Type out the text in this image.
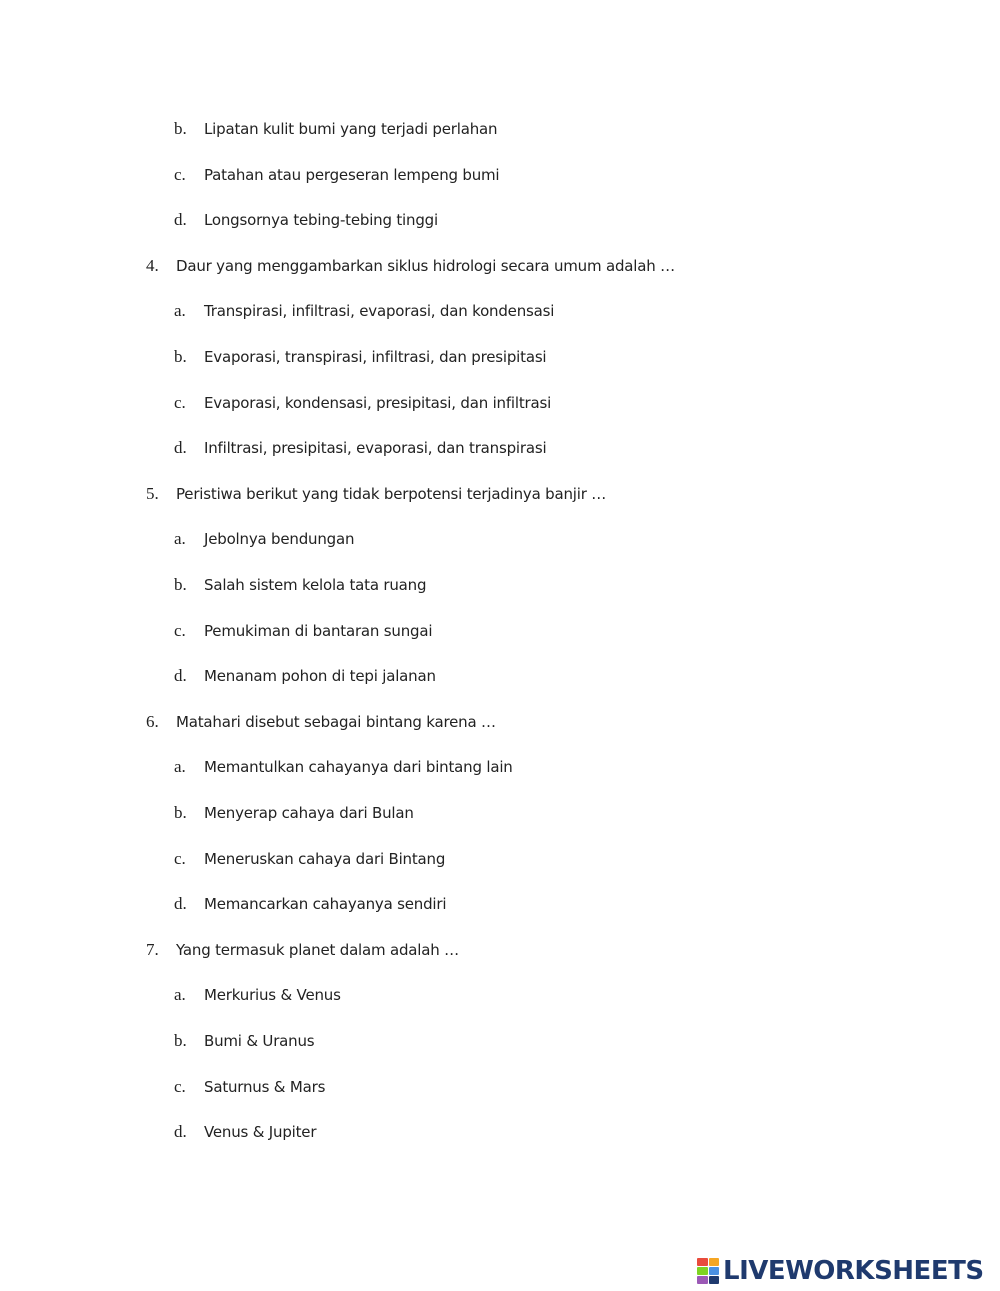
b. Lipatan kulit bumi yang terjadi perlahan
c. Patahan atau pergeseran lempeng bumi
d. Longsornya tebing-tebing tinggi
4. Daur yang menggambarkan siklus hidrologi secara umum adalah …
a. Transpirasi, infiltrasi, evaporasi, dan kondensasi
b. Evaporasi, transpirasi, infiltrasi, dan presipitasi
c. Evaporasi, kondensasi, presipitasi, dan infiltrasi
d. Infiltrasi, presipitasi, evaporasi, dan transpirasi
5. Peristiwa berikut yang tidak berpotensi terjadinya banjir …
a. Jebolnya bendungan
b. Salah sistem kelola tata ruang
c. Pemukiman di bantaran sungai
d. Menanam pohon di tepi jalanan
6. Matahari disebut sebagai bintang karena …
a. Memantulkan cahayanya dari bintang lain
b. Menyerap cahaya dari Bulan
c. Meneruskan cahaya dari Bintang
d. Memancarkan cahayanya sendiri
7. Yang termasuk planet dalam adalah …
a. Merkurius & Venus
b. Bumi & Uranus
c. Saturnus & Mars
d. Venus & Jupiter
LIVEWORKSHEETS
